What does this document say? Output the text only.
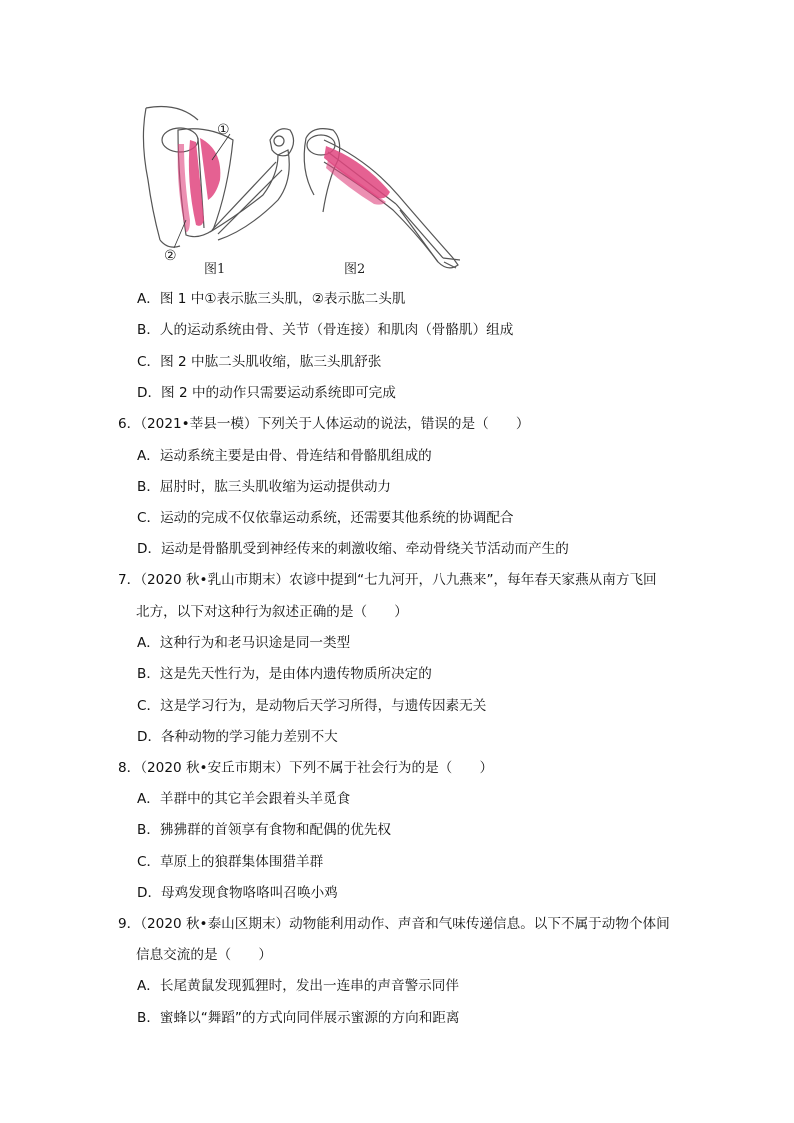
①
②
图1	图2
A．图 1 中①表示肱三头肌，②表示肱二头肌
B．人的运动系统由骨、关节（骨连接）和肌肉（骨骼肌）组成
C．图 2 中肱二头肌收缩，肱三头肌舒张
D．图 2 中的动作只需要运动系统即可完成
6．（2021•莘县一模）下列关于人体运动的说法，错误的是（　　）
A．运动系统主要是由骨、骨连结和骨骼肌组成的
B．屈肘时，肱三头肌收缩为运动提供动力
C．运动的完成不仅依靠运动系统，还需要其他系统的协调配合
D．运动是骨骼肌受到神经传来的刺激收缩、牵动骨绕关节活动而产生的
7．（2020 秋•乳山市期末）农谚中提到“七九河开，八九燕来”，每年春天家燕从南方飞回
北方，以下对这种行为叙述正确的是（　　）
A．这种行为和老马识途是同一类型
B．这是先天性行为，是由体内遗传物质所决定的
C．这是学习行为，是动物后天学习所得，与遗传因素无关
D．各种动物的学习能力差别不大
8．（2020 秋•安丘市期末）下列不属于社会行为的是（　　）
A．羊群中的其它羊会跟着头羊觅食
B．狒狒群的首领享有食物和配偶的优先权
C．草原上的狼群集体围猎羊群
D．母鸡发现食物咯咯叫召唤小鸡
9．（2020 秋•泰山区期末）动物能利用动作、声音和气味传递信息。以下不属于动物个体间
信息交流的是（　　）
A．长尾黄鼠发现狐狸时，发出一连串的声音警示同伴
B．蜜蜂以“舞蹈”的方式向同伴展示蜜源的方向和距离
